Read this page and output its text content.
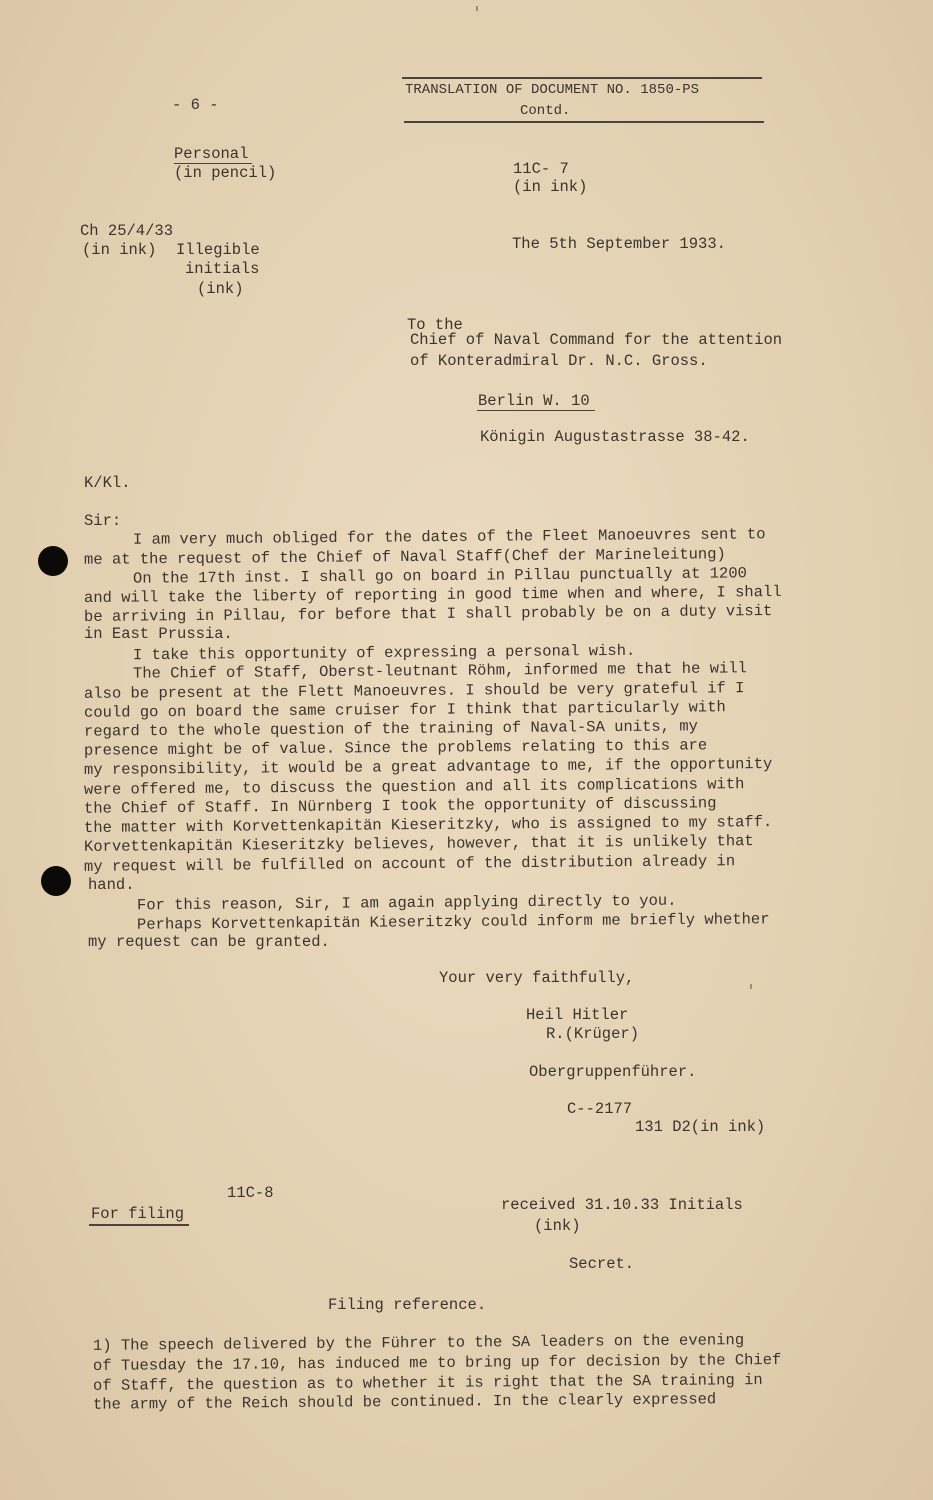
- 6 -
TRANSLATION OF DOCUMENT NO. 1850-PS
Contd.
Personal
(in pencil)	11C- 7
(in ink)
Ch 25/4/33
(in ink) Illegible
initials
(ink)
The 5th September 1933.
To the
Chief of Naval Command for the attention
of Konteradmiral Dr. N.C. Gross.
Berlin W. 10
Königin Augustastrasse 38-42.
K/Kl.
Sir:
I am very much obliged for the dates of the Fleet Manoeuvres sent to
me at the request of the Chief of Naval Staff(Chef der Marineleitung)
On the 17th inst. I shall go on board in Pillau punctually at 1200
and will take the liberty of reporting in good time when and where, I shall
be arriving in Pillau, for before that I shall probably be on a duty visit
in East Prussia.
I take this opportunity of expressing a personal wish.
The Chief of Staff, Oberst-leutnant Röhm, informed me that he will
also be present at the Flett Manoeuvres. I should be very grateful if I
could go on board the same cruiser for I think that particularly with
regard to the whole question of the training of Naval-SA units, my
presence might be of value. Since the problems relating to this are
my responsibility, it would be a great advantage to me, if the opportunity
were offered me, to discuss the question and all its complications with
the Chief of Staff. In Nürnberg I took the opportunity of discussing
the matter with Korvettenkapitän Kieseritzky, who is assigned to my staff.
Korvettenkapitän Kieseritzky believes, however, that it is unlikely that
my request will be fulfilled on account of the distribution already in
hand.
For this reason, Sir, I am again applying directly to you.
Perhaps Korvettenkapitän Kieseritzky could inform me briefly whether
my request can be granted.
Your very faithfully,
Heil Hitler
R.(Krüger)
Obergruppenführer.
C--2177
131 D2(in ink)
11C-8
For filing	received 31.10.33 Initials
(ink)
Secret.
Filing reference.
1) The speech delivered by the Führer to the SA leaders on the evening
of Tuesday the 17.10, has induced me to bring up for decision by the Chief
of Staff, the question as to whether it is right that the SA training in
the army of the Reich should be continued. In the clearly expressed
